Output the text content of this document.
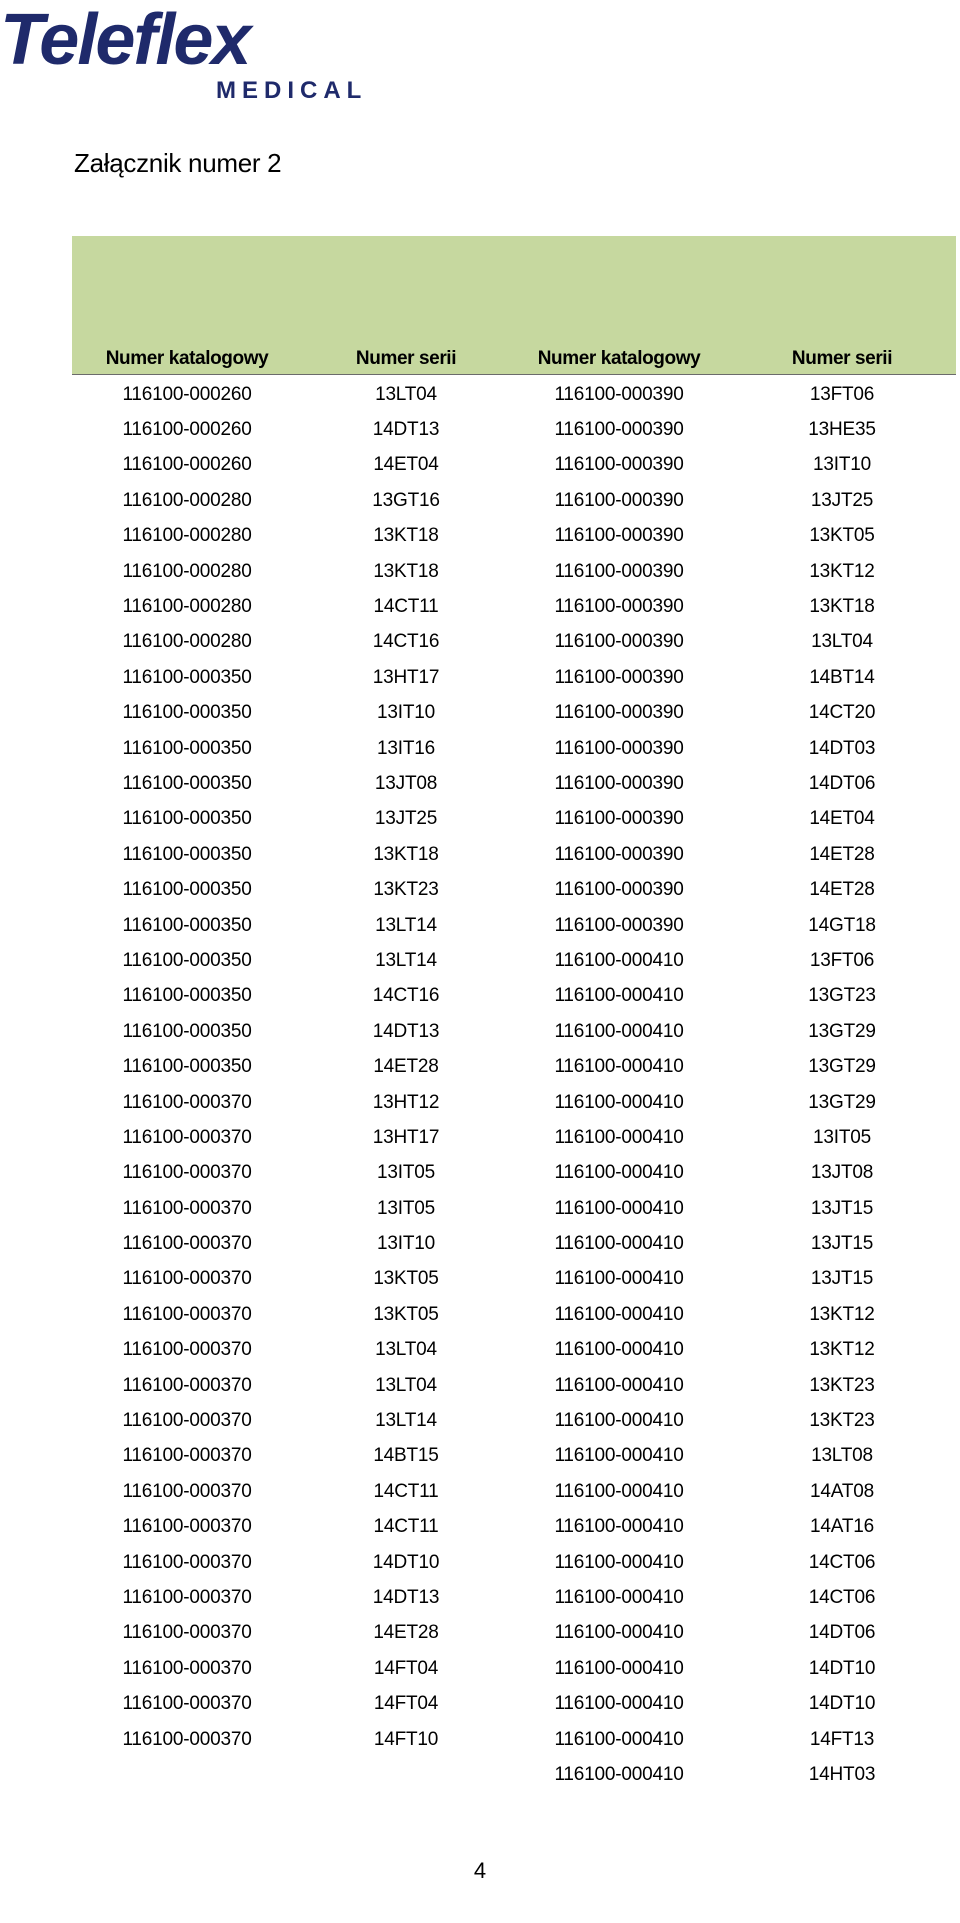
Teleflex
MEDICAL
Załącznik numer 2
Numer katalogowy	Numer serii	Numer katalogowy	Numer serii
116100-000260	13LT04	116100-000390	13FT06
116100-000260	14DT13	116100-000390	13HE35
116100-000260	14ET04	116100-000390	13IT10
116100-000280	13GT16	116100-000390	13JT25
116100-000280	13KT18	116100-000390	13KT05
116100-000280	13KT18	116100-000390	13KT12
116100-000280	14CT11	116100-000390	13KT18
116100-000280	14CT16	116100-000390	13LT04
116100-000350	13HT17	116100-000390	14BT14
116100-000350	13IT10	116100-000390	14CT20
116100-000350	13IT16	116100-000390	14DT03
116100-000350	13JT08	116100-000390	14DT06
116100-000350	13JT25	116100-000390	14ET04
116100-000350	13KT18	116100-000390	14ET28
116100-000350	13KT23	116100-000390	14ET28
116100-000350	13LT14	116100-000390	14GT18
116100-000350	13LT14	116100-000410	13FT06
116100-000350	14CT16	116100-000410	13GT23
116100-000350	14DT13	116100-000410	13GT29
116100-000350	14ET28	116100-000410	13GT29
116100-000370	13HT12	116100-000410	13GT29
116100-000370	13HT17	116100-000410	13IT05
116100-000370	13IT05	116100-000410	13JT08
116100-000370	13IT05	116100-000410	13JT15
116100-000370	13IT10	116100-000410	13JT15
116100-000370	13KT05	116100-000410	13JT15
116100-000370	13KT05	116100-000410	13KT12
116100-000370	13LT04	116100-000410	13KT12
116100-000370	13LT04	116100-000410	13KT23
116100-000370	13LT14	116100-000410	13KT23
116100-000370	14BT15	116100-000410	13LT08
116100-000370	14CT11	116100-000410	14AT08
116100-000370	14CT11	116100-000410	14AT16
116100-000370	14DT10	116100-000410	14CT06
116100-000370	14DT13	116100-000410	14CT06
116100-000370	14ET28	116100-000410	14DT06
116100-000370	14FT04	116100-000410	14DT10
116100-000370	14FT04	116100-000410	14DT10
116100-000370	14FT10	116100-000410	14FT13
		116100-000410	14HT03
4
